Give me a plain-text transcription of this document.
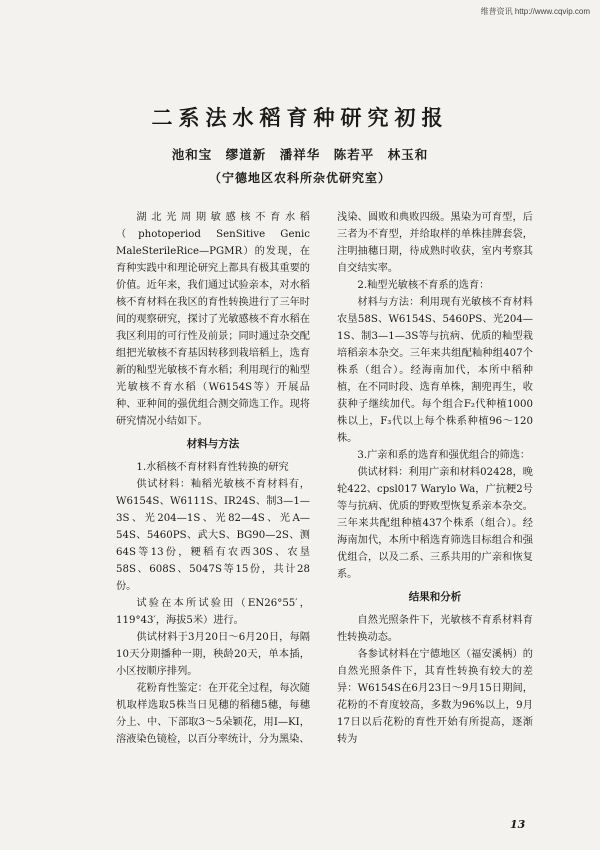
维普资讯 http://www.cqvip.com
二系法水稻育种研究初报
池和宝　缪道新　潘祥华　陈若平　林玉和
（宁德地区农科所杂优研究室）

湖北光周期敏感核不育水稻（photoperiod SenSitive Genic MaleSterileRice—PGMR）的发现，在育种实践中和理论研究上都具有极其重要的价值。近年来，我们通过试验亲本，对水稻核不育材料在我区的育性转换进行了三年时间的观察研究，探讨了光敏感核不育水稻在我区利用的可行性及前景；同时通过杂交配组把光敏核不育基因转移到栽培稻上，选育新的籼型光敏核不育水稻；利用现行的籼型光敏核不育水稻（W6154S等）开展品种、亚种间的强优组合测交筛选工作。现将研究情况小结如下。

材料与方法

1.水稻核不育材料育性转换的研究

供试材料：籼稻光敏核不育材料有，W6154S、W6111S、IR24S、制3—1—3S、光204—1S、光82—4S、光A—54S、5460PS、武大S、BG90—2S、测64S等13份，粳稻有农西30S、农垦58S、608S、5047S等15份，共计28份。

试验在本所试验田（EN26°55′，119°43′，海拔5米）进行。

供试材料于3月20日～6月20日，每隔10天分期播种一期，秧龄20天，单本插，小区按顺序排列。

花粉育性鉴定：在开花全过程，每次随机取样选取5株当日见穗的稻穗5穗，每穗分上、中、下部取3～5朵颖花，用I—KI，溶液染色镜检，以百分率统计，分为黑染、

浅染、圆败和典败四级。黑染为可育型，后三者为不育型，并给取样的单株挂牌套袋，注明抽穗日期，待成熟时收获，室内考察其自交结实率。

2.籼型光敏核不育系的选育：

材料与方法：利用现有光敏核不育材料农垦58S、W6154S、5460PS、光204—1S、制3—1—3S等与抗病、优质的籼型栽培稻亲本杂交。三年来共组配籼种组407个株系（组合）。经海南加代，本所中稻种植，在不同时段、选育单株，割兜再生，收获种子继续加代。每个组合F₂代种植1000株以上，F₃代以上每个株系种植96～120株。

3.广亲和系的选育和强优组合的筛选：

供试材料：利用广亲和材料02428，晚轮422、cpsl017 Warylo Wa，广抗粳2号等与抗病、优质的野败型恢复系亲本杂交。三年来共配组种植437个株系（组合）。经海南加代，本所中稻选育筛选目标组合和强优组合，以及二系、三系共用的广亲和恢复系。

结果和分析

自然光照条件下，光敏核不育系材料育性转换动态。

各参试材料在宁德地区（福安溪柄）的自然光照条件下，其育性转换有较大的差异：W6154S在6月23日～9月15日期间，花粉的不育度较高，多数为96%以上，9月17日以后花粉的育性开始有所提高，逐渐转为

13
